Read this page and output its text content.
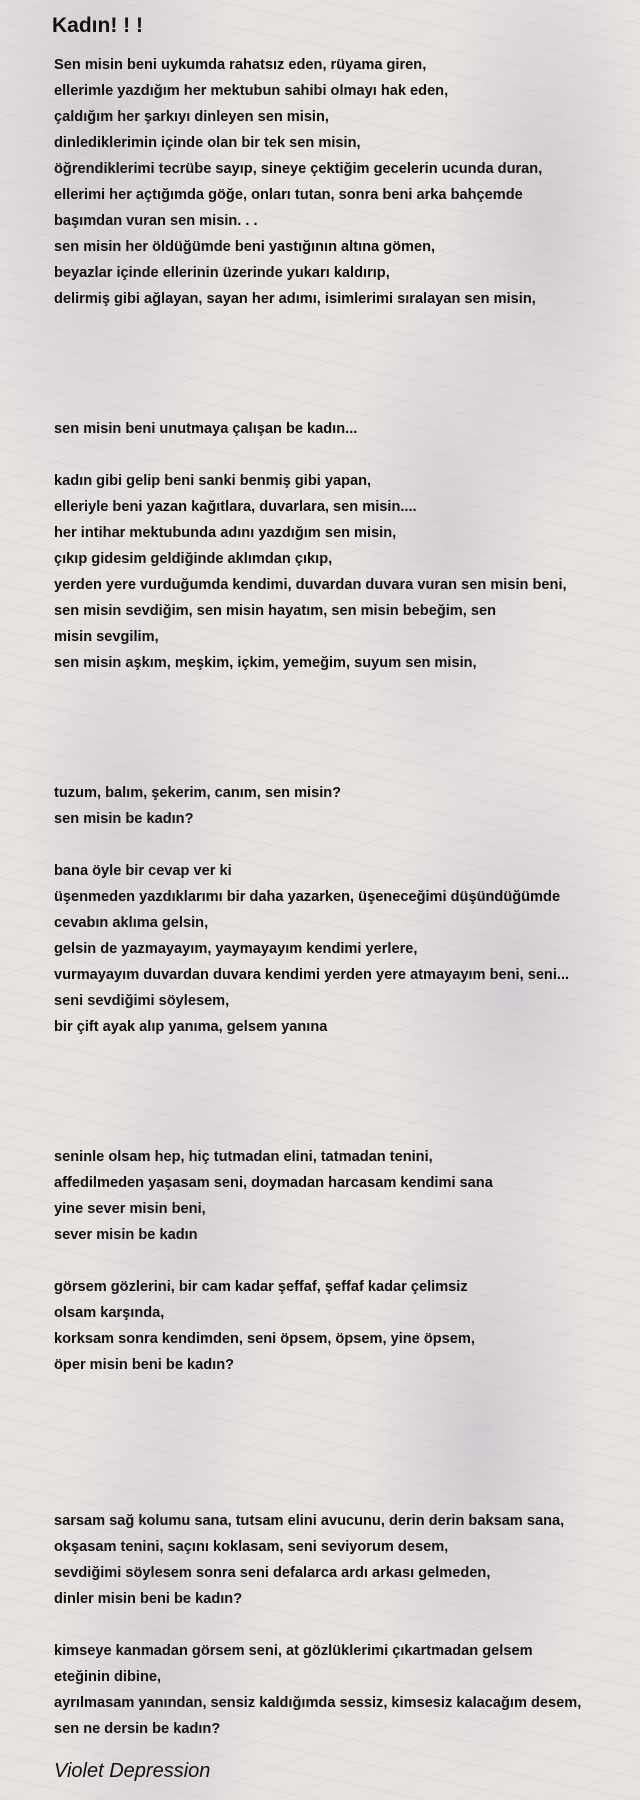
Kadın! ! !
Sen misin beni uykumda rahatsız eden, rüyama giren,
ellerimle yazdığım her mektubun sahibi olmayı hak eden,
çaldığım her şarkıyı dinleyen sen misin,
dinlediklerimin içinde olan bir tek sen misin,
öğrendiklerimi tecrübe sayıp, sineye çektiğim gecelerin ucunda duran,
ellerimi her açtığımda göğe, onları tutan, sonra beni arka bahçemde
başımdan vuran sen misin. . .
sen misin her öldüğümde beni yastığının altına gömen,
beyazlar içinde ellerinin üzerinde yukarı kaldırıp,
delirmiş gibi ağlayan, sayan her adımı, isimlerimi sıralayan sen misin,
sen misin beni unutmaya çalışan be kadın...
kadın gibi gelip beni sanki benmiş gibi yapan,
elleriyle beni yazan kağıtlara, duvarlara, sen misin....
her intihar mektubunda adını yazdığım sen misin,
çıkıp gidesim geldiğinde aklımdan çıkıp,
yerden yere vurduğumda kendimi, duvardan duvara vuran sen misin beni,
sen misin sevdiğim, sen misin hayatım, sen misin bebeğim, sen
misin sevgilim,
sen misin aşkım, meşkim, içkim, yemeğim, suyum sen misin,
tuzum, balım, şekerim, canım, sen misin?
sen misin be kadın?
bana öyle bir cevap ver ki
üşenmeden yazdıklarımı bir daha yazarken, üşeneceğimi düşündüğümde
cevabın aklıma gelsin,
gelsin de yazmayayım, yaymayayım kendimi yerlere,
vurmayayım duvardan duvara kendimi yerden yere atmayayım beni, seni...
seni sevdiğimi söylesem,
bir çift ayak alıp yanıma, gelsem yanına
seninle olsam hep, hiç tutmadan elini, tatmadan tenini,
affedilmeden yaşasam seni, doymadan harcasam kendimi sana
yine sever misin beni,
sever misin be kadın
görsem gözlerini, bir cam kadar şeffaf, şeffaf kadar çelimsiz
olsam karşında,
korksam sonra kendimden, seni öpsem, öpsem, yine öpsem,
öper misin beni be kadın?
sarsam sağ kolumu sana, tutsam elini avucunu, derin derin baksam sana,
okşasam tenini, saçını koklasam, seni seviyorum desem,
sevdiğimi söylesem sonra seni defalarca ardı arkası gelmeden,
dinler misin beni be kadın?
kimseye kanmadan görsem seni, at gözlüklerimi çıkartmadan gelsem
eteğinin dibine,
ayrılmasam yanından, sensiz kaldığımda sessiz, kimsesiz kalacağım desem,
sen ne dersin be kadın?
Violet Depression
